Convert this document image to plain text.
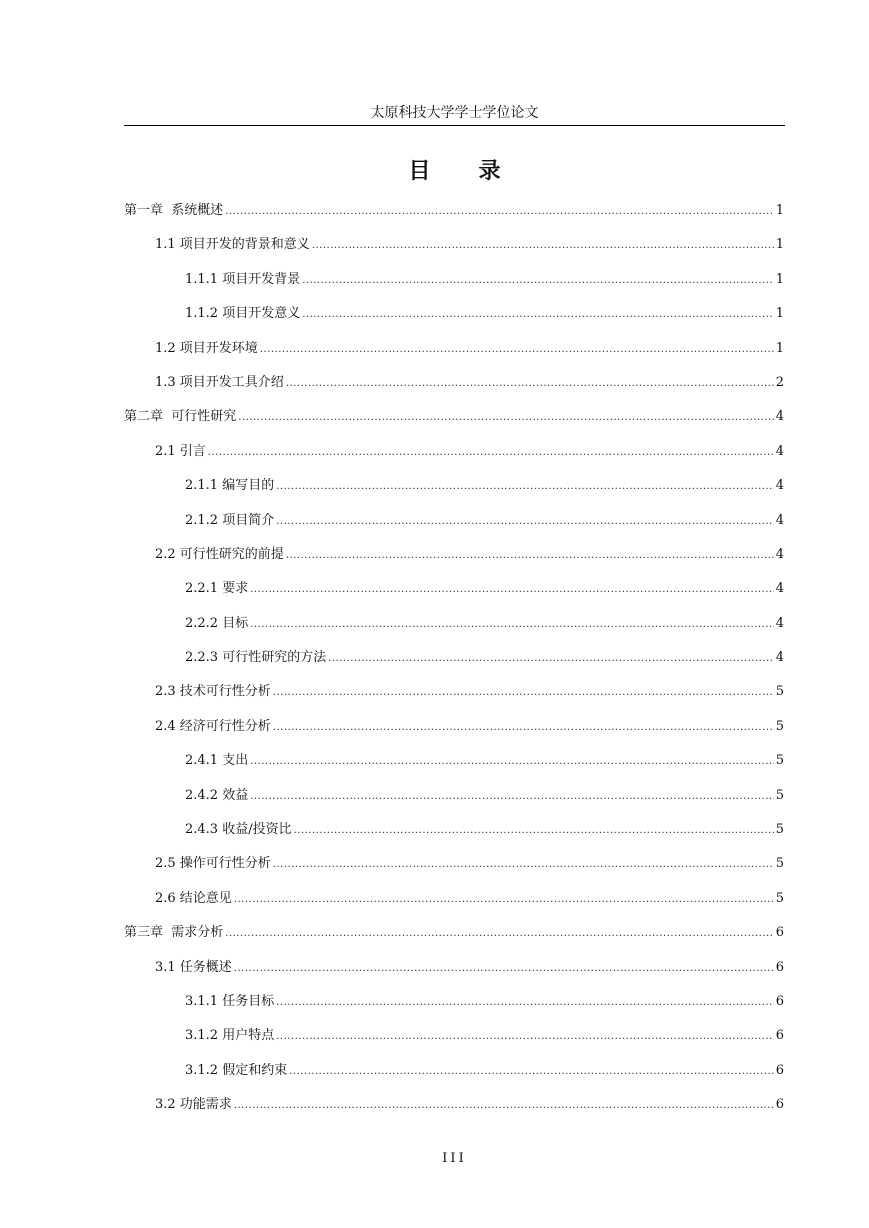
太原科技大学学士学位论文
目录
第一章  系统概述 .....	1
1.1 项目开发的背景和意义 .....	1
1.1.1 项目开发背景 .....	1
1.1.2 项目开发意义 .....	1
1.2 项目开发环境 .....	1
1.3 项目开发工具介绍 .....	2
第二章  可行性研究 .....	4
2.1 引言 .....	4
2.1.1 编写目的 .....	4
2.1.2 项目简介 .....	4
2.2 可行性研究的前提 .....	4
2.2.1 要求 .....	4
2.2.2 目标 .....	4
2.2.3 可行性研究的方法 .....	4
2.3 技术可行性分析 .....	5
2.4 经济可行性分析 .....	5
2.4.1 支出 .....	5
2.4.2 效益 .....	5
2.4.3 收益/投资比 .....	5
2.5 操作可行性分析 .....	5
2.6 结论意见 .....	5
第三章  需求分析 .....	6
3.1 任务概述 .....	6
3.1.1 任务目标 .....	6
3.1.2 用户特点 .....	6
3.1.2 假定和约束 .....	6
3.2 功能需求 .....	6
III
